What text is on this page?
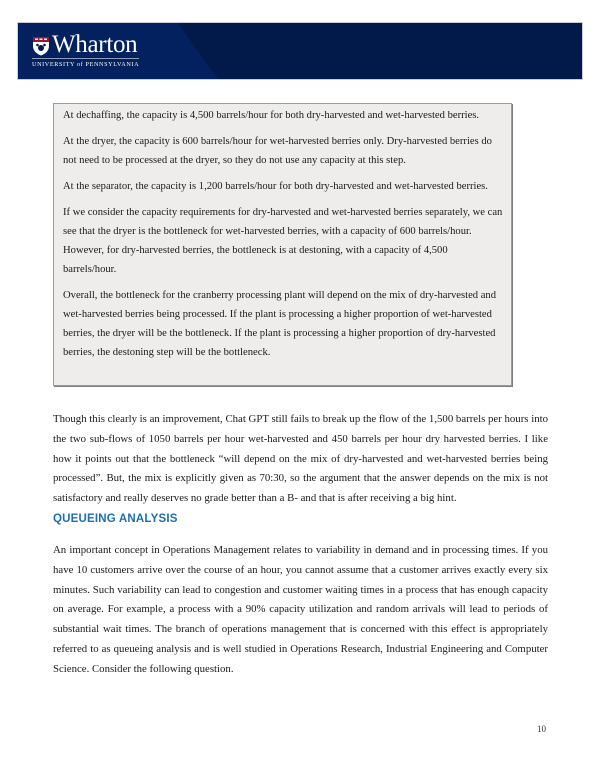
Wharton
UNIVERSITY of PENNSYLVANIA

At dechaffing, the capacity is 4,500 barrels/hour for both dry-harvested and wet-harvested berries.

At the dryer, the capacity is 600 barrels/hour for wet-harvested berries only. Dry-harvested berries do not need to be processed at the dryer, so they do not use any capacity at this step.

At the separator, the capacity is 1,200 barrels/hour for both dry-harvested and wet-harvested berries.

If we consider the capacity requirements for dry-harvested and wet-harvested berries separately, we can see that the dryer is the bottleneck for wet-harvested berries, with a capacity of 600 barrels/hour. However, for dry-harvested berries, the bottleneck is at destoning, with a capacity of 4,500 barrels/hour.

Overall, the bottleneck for the cranberry processing plant will depend on the mix of dry-harvested and wet-harvested berries being processed. If the plant is processing a higher proportion of wet-harvested berries, the dryer will be the bottleneck. If the plant is processing a higher proportion of dry-harvested berries, the destoning step will be the bottleneck.

Though this clearly is an improvement, Chat GPT still fails to break up the flow of the 1,500 barrels per hours into the two sub-flows of 1050 barrels per hour wet-harvested and 450 barrels per hour dry harvested berries. I like how it points out that the bottleneck “will depend on the mix of dry-harvested and wet-harvested berries being processed”. But, the mix is explicitly given as 70:30, so the argument that the answer depends on the mix is not satisfactory and really deserves no grade better than a B- and that is after receiving a big hint.

QUEUEING ANALYSIS

An important concept in Operations Management relates to variability in demand and in processing times. If you have 10 customers arrive over the course of an hour, you cannot assume that a customer arrives exactly every six minutes. Such variability can lead to congestion and customer waiting times in a process that has enough capacity on average. For example, a process with a 90% capacity utilization and random arrivals will lead to periods of substantial wait times. The branch of operations management that is concerned with this effect is appropriately referred to as queueing analysis and is well studied in Operations Research, Industrial Engineering and Computer Science. Consider the following question.

10
